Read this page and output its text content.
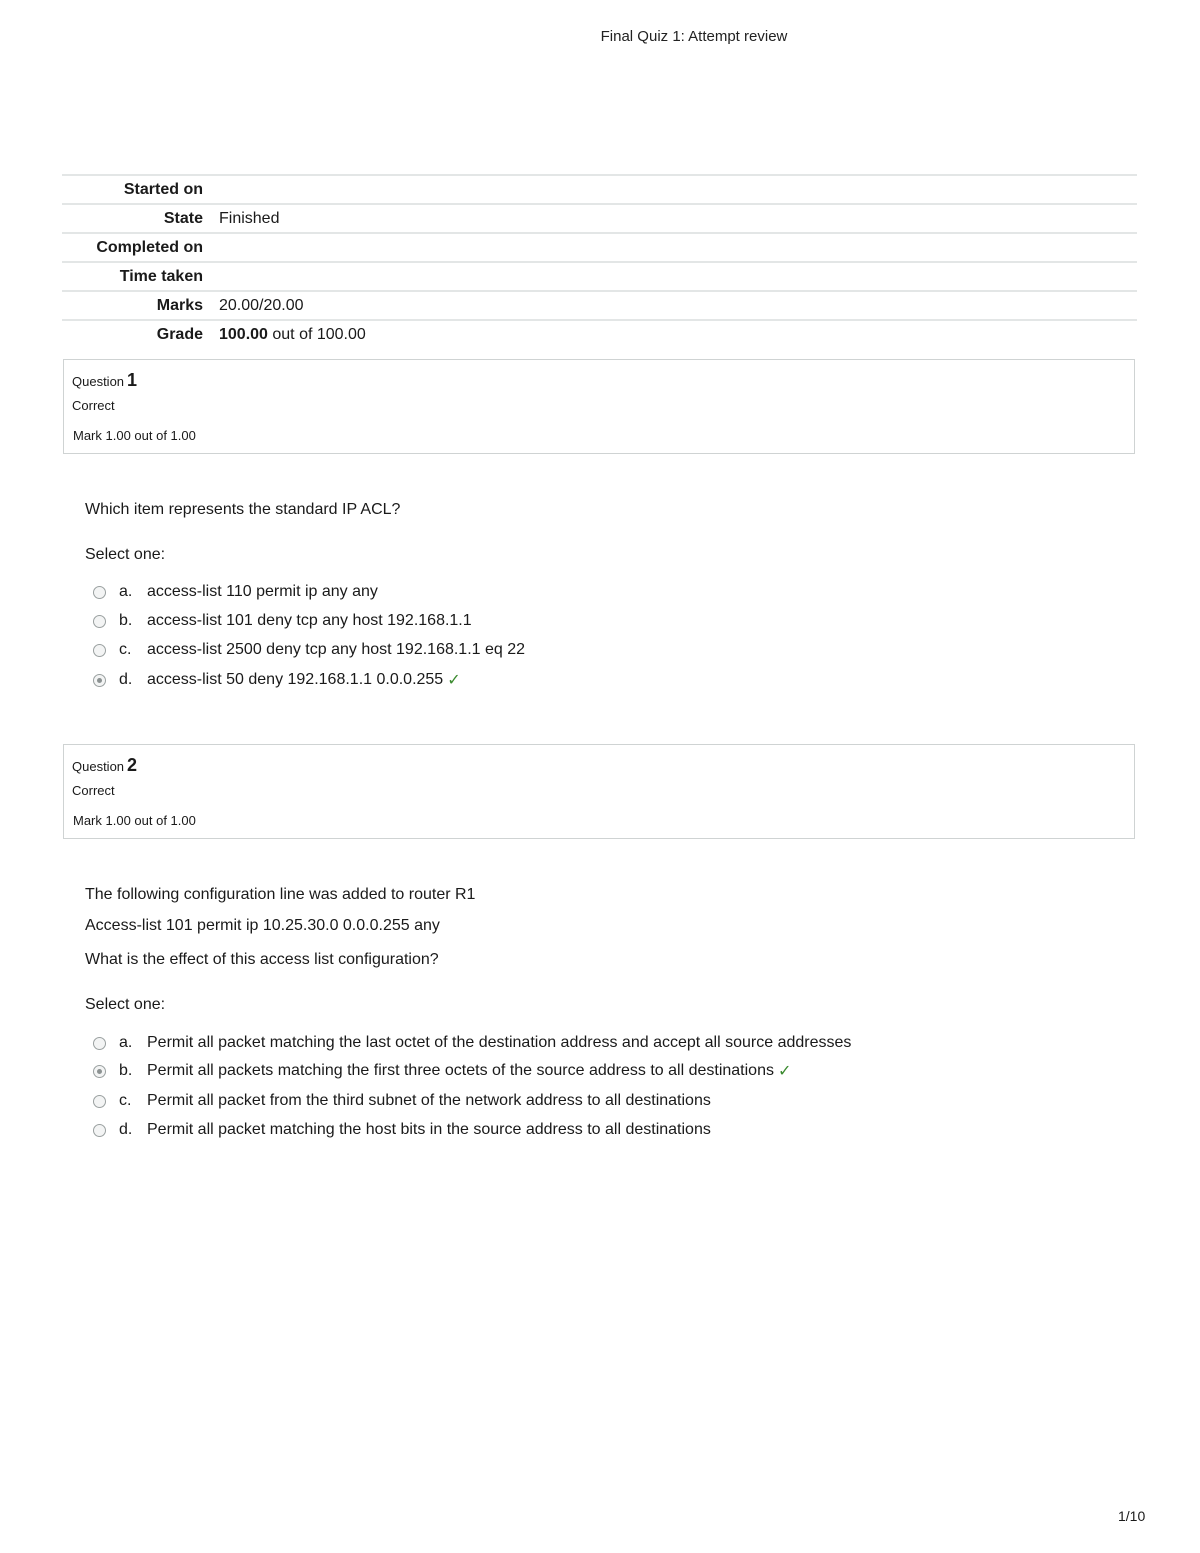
Final Quiz 1: Attempt review
Started on
State	Finished
Completed on
Time taken
Marks	20.00/20.00
Grade	100.00 out of 100.00
Question 1
Correct
Mark 1.00 out of 1.00
Which item represents the standard IP ACL?
Select one:
a. access-list 110 permit ip any any
b. access-list 101 deny tcp any host 192.168.1.1
c. access-list 2500 deny tcp any host 192.168.1.1 eq 22
d. access-list 50 deny 192.168.1.1 0.0.0.255 ✓
Question 2
Correct
Mark 1.00 out of 1.00
The following configuration line was added to router R1
Access-list 101 permit ip 10.25.30.0 0.0.0.255 any
What is the effect of this access list configuration?
Select one:
a. Permit all packet matching the last octet of the destination address and accept all source addresses
b. Permit all packets matching the first three octets of the source address to all destinations ✓
c. Permit all packet from the third subnet of the network address to all destinations
d. Permit all packet matching the host bits in the source address to all destinations
1/10
